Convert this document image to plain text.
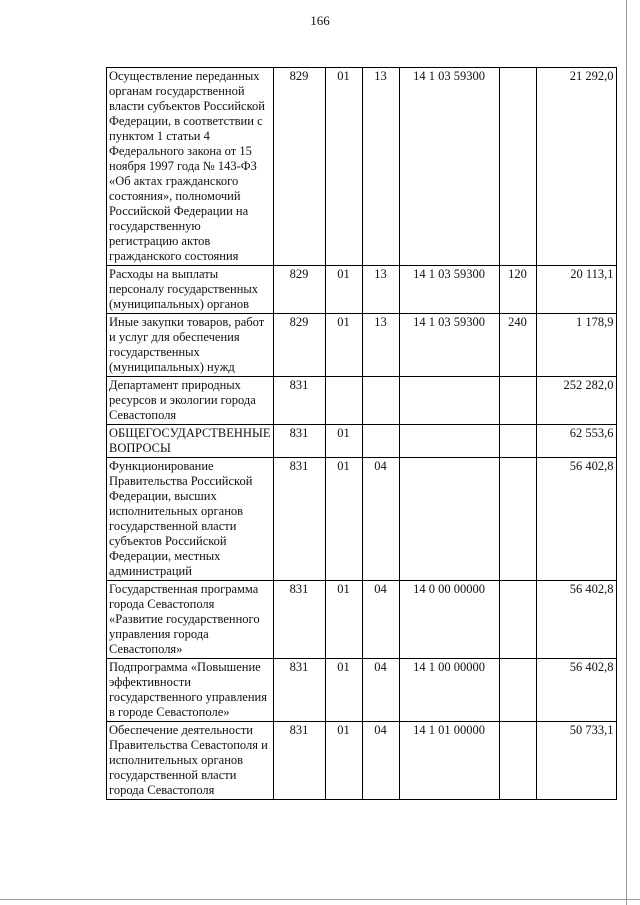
166
Осуществление переданных органам государственной власти субъектов Российской Федерации, в соответствии с пунктом 1 статьи 4 Федерального закона от 15 ноября 1997 года № 143-ФЗ «Об актах гражданского состояния», полномочий Российской Федерации на государственную регистрацию актов гражданского состояния	829	01	13	14 1 03 59300		21 292,0
Расходы на выплаты персоналу государственных (муниципальных) органов	829	01	13	14 1 03 59300	120	20 113,1
Иные закупки товаров, работ и услуг для обеспечения государственных (муниципальных) нужд	829	01	13	14 1 03 59300	240	1 178,9
Департамент природных ресурсов и экологии города Севастополя	831					252 282,0
ОБЩЕГОСУДАРСТВЕННЫЕ ВОПРОСЫ	831	01				62 553,6
Функционирование Правительства Российской Федерации, высших исполнительных органов государственной власти субъектов Российской Федерации, местных администраций	831	01	04			56 402,8
Государственная программа города Севастополя «Развитие государственного управления города Севастополя»	831	01	04	14 0 00 00000		56 402,8
Подпрограмма «Повышение эффективности государственного управления в городе Севастополе»	831	01	04	14 1 00 00000		56 402,8
Обеспечение деятельности Правительства Севастополя и исполнительных органов государственной власти города Севастополя	831	01	04	14 1 01 00000		50 733,1
